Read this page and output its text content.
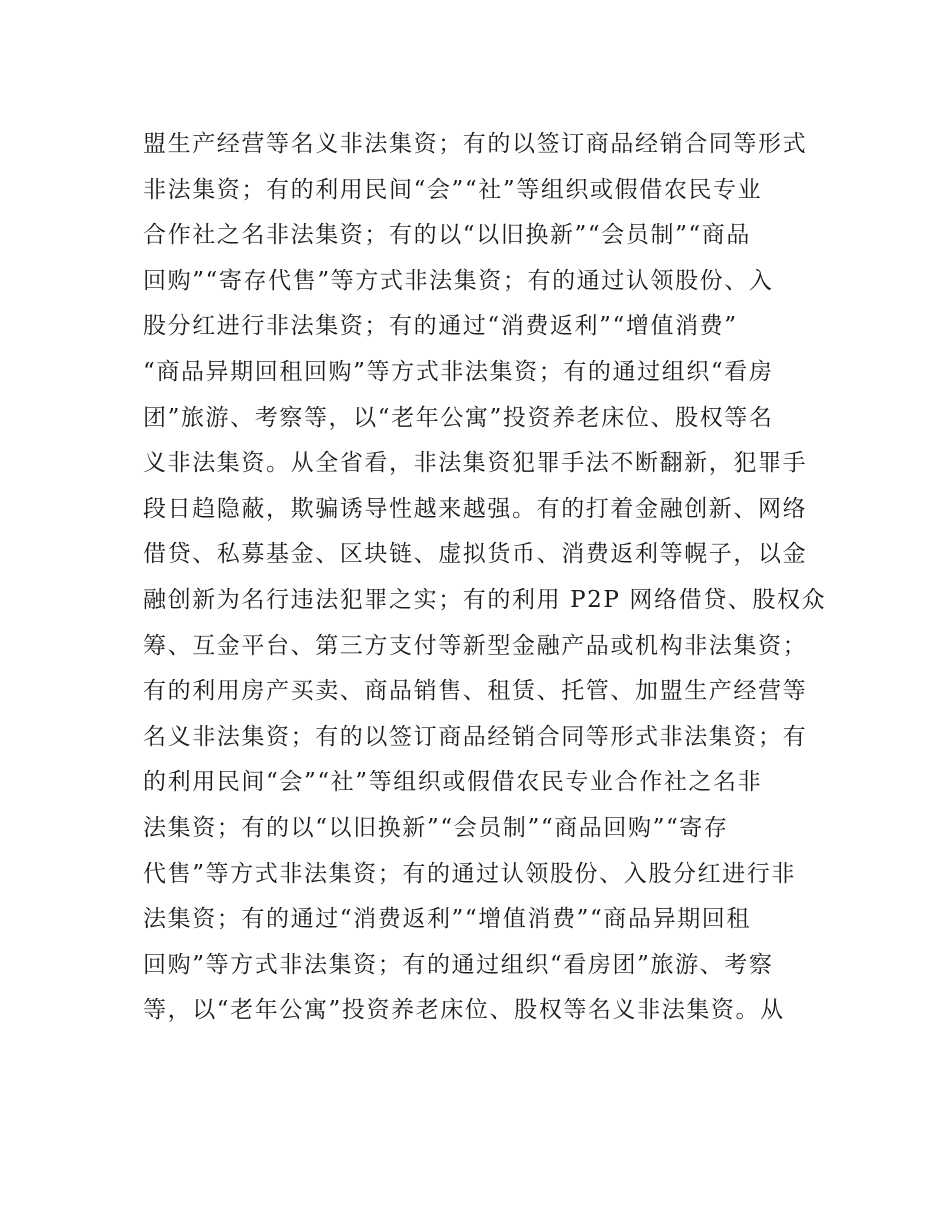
盟生产经营等名义非法集资；有的以签订商品经销合同等形式
非法集资；有的利用民间“会”“社”等组织或假借农民专业
合作社之名非法集资；有的以“以旧换新”“会员制”“商品
回购”“寄存代售”等方式非法集资；有的通过认领股份、入
股分红进行非法集资；有的通过“消费返利”“增值消费”
“商品异期回租回购”等方式非法集资；有的通过组织“看房
团”旅游、考察等，以“老年公寓”投资养老床位、股权等名
义非法集资。从全省看，非法集资犯罪手法不断翻新，犯罪手
段日趋隐蔽，欺骗诱导性越来越强。有的打着金融创新、网络
借贷、私募基金、区块链、虚拟货币、消费返利等幌子，以金
融创新为名行违法犯罪之实；有的利用 P2P 网络借贷、股权众
筹、互金平台、第三方支付等新型金融产品或机构非法集资；
有的利用房产买卖、商品销售、租赁、托管、加盟生产经营等
名义非法集资；有的以签订商品经销合同等形式非法集资；有
的利用民间“会”“社”等组织或假借农民专业合作社之名非
法集资；有的以“以旧换新”“会员制”“商品回购”“寄存
代售”等方式非法集资；有的通过认领股份、入股分红进行非
法集资；有的通过“消费返利”“增值消费”“商品异期回租
回购”等方式非法集资；有的通过组织“看房团”旅游、考察
等，以“老年公寓”投资养老床位、股权等名义非法集资。从
